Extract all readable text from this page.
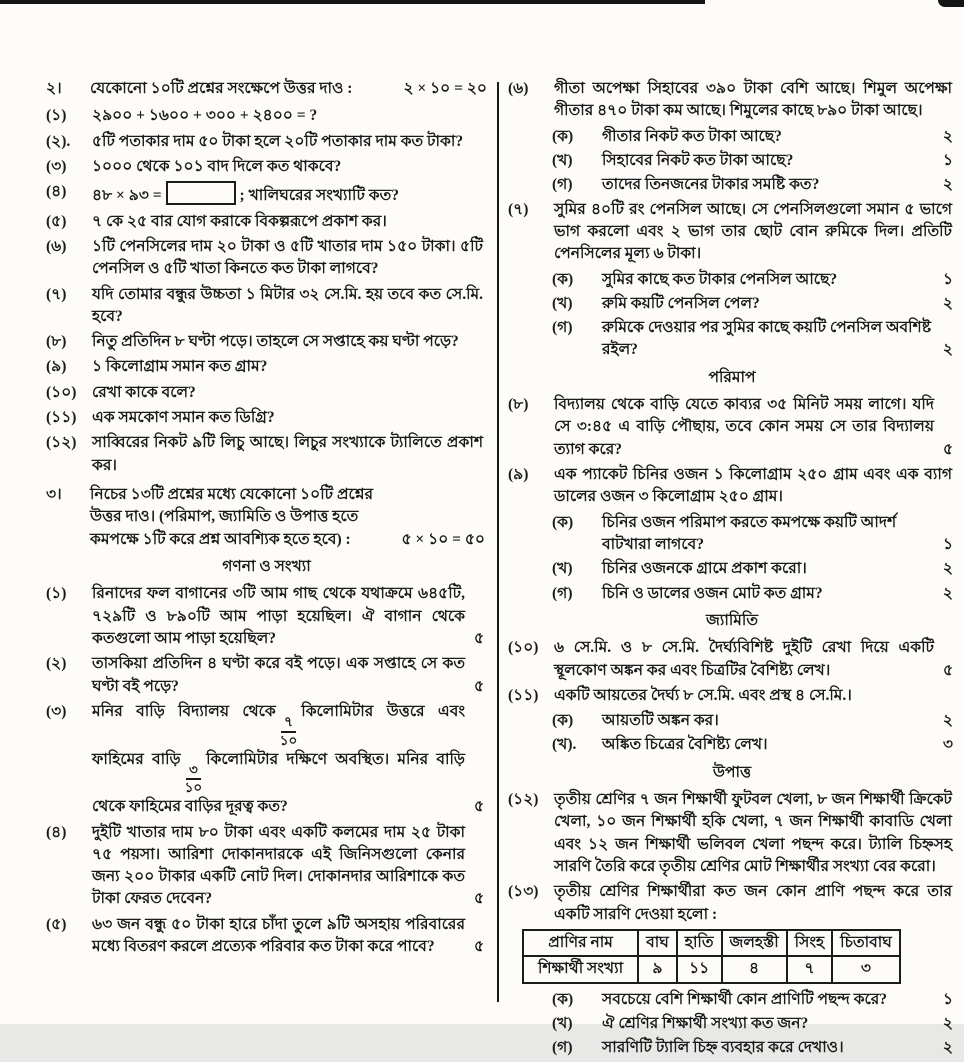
২।	যেকোনো ১০টি প্রশ্নের সংক্ষেপে উত্তর দাও :	২ × ১০ = ২০
(১)	২৯০০ + ১৬০০ + ৩০০ + ২৪০০ = ?
(২).	৫টি পতাকার দাম ৫০ টাকা হলে ২০টি পতাকার দাম কত টাকা?
(৩)	১০০০ থেকে ১০১ বাদ দিলে কত থাকবে?
(৪)	৪৮ × ৯৩ =	; খালিঘরের সংখ্যাটি কত?
(৫)	৭ কে ২৫ বার যোগ করাকে বিকল্পরূপে প্রকাশ কর।
(৬)	১টি পেনসিলের দাম ২০ টাকা ও ৫টি খাতার দাম ১৫০ টাকা। ৫টি পেনসিল ও ৫টি খাতা কিনতে কত টাকা লাগবে?
(৭)	যদি তোমার বন্ধুর উচ্চতা ১ মিটার ৩২ সে.মি. হয় তবে কত সে.মি. হবে?
(৮)	নিতু প্রতিদিন ৮ ঘণ্টা পড়ে। তাহলে সে সপ্তাহে কয় ঘণ্টা পড়ে?
(৯)	১ কিলোগ্রাম সমান কত গ্রাম?
(১০)	রেখা কাকে বলে?
(১১)	এক সমকোণ সমান কত ডিগ্রি?
(১২)	সাব্বিরের নিকট ৯টি লিচু আছে। লিচুর সংখ্যাকে ট্যালিতে প্রকাশ কর।
৩।	নিচের ১৩টি প্রশ্নের মধ্যে যেকোনো ১০টি প্রশ্নের উত্তর দাও। (পরিমাপ, জ্যামিতি ও উপাত্ত হতে কমপক্ষে ১টি করে প্রশ্ন আবশ্যিক হতে হবে) :	৫ × ১০ = ৫০
গণনা ও সংখ্যা
(১)	রিনাদের ফল বাগানের ৩টি আম গাছ থেকে যথাক্রমে ৬৪৫টি, ৭২৯টি ও ৮৯০টি আম পাড়া হয়েছিল। ঐ বাগান থেকে কতগুলো আম পাড়া হয়েছিল?	৫
(২)	তাসকিয়া প্রতিদিন ৪ ঘণ্টা করে বই পড়ে। এক সপ্তাহে সে কত ঘণ্টা বই পড়ে?	৫
(৩)	মনির বাড়ি বিদ্যালয় থেকে
$\frac{৭}{১০}$
কিলোমিটার উত্তরে এবং ফাহিমের বাড়ি
$\frac{৩}{১০}$
কিলোমিটার দক্ষিণে অবস্থিত। মনির বাড়ি থেকে ফাহিমের বাড়ির দূরত্ব কত?	৫
(৪)	দুইটি খাতার দাম ৮০ টাকা এবং একটি কলমের দাম ২৫ টাকা ৭৫ পয়সা। আরিশা দোকানদারকে এই জিনিসগুলো কেনার জন্য ২০০ টাকার একটি নোট দিল। দোকানদার আরিশাকে কত টাকা ফেরত দেবেন?	৫
(৫)	৬৩ জন বন্ধু ৫০ টাকা হারে চাঁদা তুলে ৯টি অসহায় পরিবারের মধ্যে বিতরণ করলে প্রত্যেক পরিবার কত টাকা করে পাবে?	৫
(৬)	গীতা অপেক্ষা সিহাবের ৩৯০ টাকা বেশি আছে। শিমুল অপেক্ষা গীতার ৪৭০ টাকা কম আছে। শিমুলের কাছে ৮৯০ টাকা আছে।
(ক)	গীতার নিকট কত টাকা আছে?	২
(খ)	সিহাবের নিকট কত টাকা আছে?	১
(গ)	তাদের তিনজনের টাকার সমষ্টি কত?	২
(৭)	সুমির ৪০টি রং পেনসিল আছে। সে পেনসিলগুলো সমান ৫ ভাগে ভাগ করলো এবং ২ ভাগ তার ছোট বোন রুমিকে দিল। প্রতিটি পেনসিলের মূল্য ৬ টাকা।
(ক)	সুমির কাছে কত টাকার পেনসিল আছে?	১
(খ)	রুমি কয়টি পেনসিল পেল?	২
(গ)	রুমিকে দেওয়ার পর সুমির কাছে কয়টি পেনসিল অবশিষ্ট রইল?	২
পরিমাপ
(৮)	বিদ্যালয় থেকে বাড়ি যেতে কাব্যর ৩৫ মিনিট সময় লাগে। যদি সে ৩:৪৫ এ বাড়ি পৌছায়, তবে কোন সময় সে তার বিদ্যালয় ত্যাগ করে?	৫
(৯)	এক প্যাকেট চিনির ওজন ১ কিলোগ্রাম ২৫০ গ্রাম এবং এক ব্যাগ ডালের ওজন ৩ কিলোগ্রাম ২৫০ গ্রাম।
(ক)	চিনির ওজন পরিমাপ করতে কমপক্ষে কয়টি আদর্শ বাটখারা লাগবে?	১
(খ)	চিনির ওজনকে গ্রামে প্রকাশ করো।	২
(গ)	চিনি ও ডালের ওজন মোট কত গ্রাম?	২
জ্যামিতি
(১০)	৬ সে.মি. ও ৮ সে.মি. দৈর্ঘ্যবিশিষ্ট দুইটি রেখা দিয়ে একটি স্থূলকোণ অঙ্কন কর এবং চিত্রটির বৈশিষ্ট্য লেখ।	৫
(১১)	একটি আয়তের দৈর্ঘ্য ৮ সে.মি. এবং প্রস্থ ৪ সে.মি.।
(ক)	আয়তটি অঙ্কন কর।	২
(খ).	অঙ্কিত চিত্রের বৈশিষ্ট্য লেখ।	৩
উপাত্ত
(১২)	তৃতীয় শ্রেণির ৭ জন শিক্ষার্থী ফুটবল খেলা, ৮ জন শিক্ষার্থী ক্রিকেট খেলা, ১০ জন শিক্ষার্থী হকি খেলা, ৭ জন শিক্ষার্থী কাবাডি খেলা এবং ১২ জন শিক্ষার্থী ভলিবল খেলা পছন্দ করে। ট্যালি চিহ্নসহ সারণি তৈরি করে তৃতীয় শ্রেণির মোট শিক্ষার্থীর সংখ্যা বের করো।
(১৩)	তৃতীয় শ্রেণির শিক্ষার্থীরা কত জন কোন প্রাণি পছন্দ করে তার একটি সারণি দেওয়া হলো :
প্রাণির নাম	বাঘ	হাতি	জলহস্তী	সিংহ	চিতাবাঘ
শিক্ষার্থী সংখ্যা	৯	১১	৪	৭	৩
(ক)	সবচেয়ে বেশি শিক্ষার্থী কোন প্রাণিটি পছন্দ করে?	১
(খ)	ঐ শ্রেণির শিক্ষার্থী সংখ্যা কত জন?	২
(গ)	সারণিটি ট্যালি চিহ্ন ব্যবহার করে দেখাও।	২
